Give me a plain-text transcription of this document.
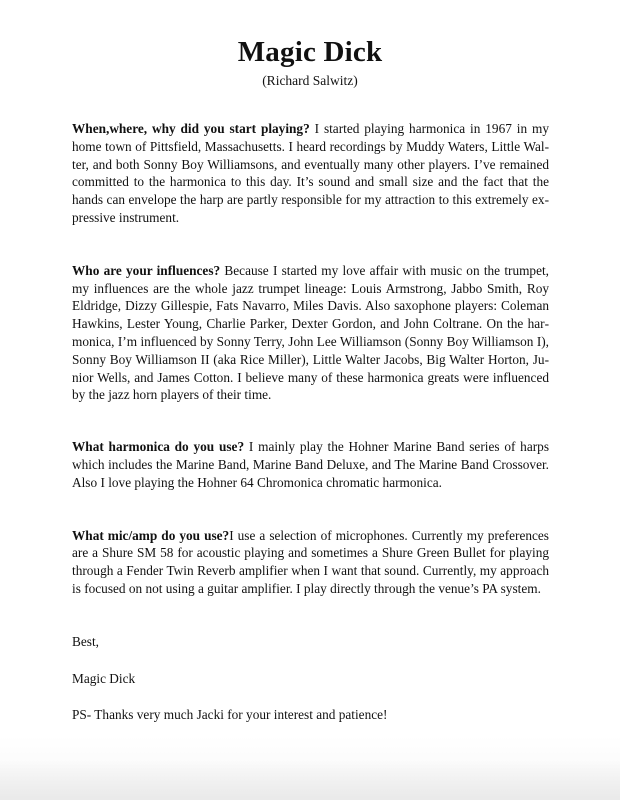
Magic Dick
(Richard Salwitz)

When,where, why did you start playing? I started playing harmonica in 1967 in my home town of Pittsfield, Massachusetts. I heard recordings by Muddy Waters, Little Walter, and both Sonny Boy Williamsons, and eventually many other players. I’ve remained committed to the harmonica to this day. It’s sound and small size and the fact that the hands can envelope the harp are partly responsible for my attraction to this extremely expressive instrument.

Who are your influences? Because I started my love affair with music on the trumpet, my influences are the whole jazz trumpet lineage: Louis Armstrong, Jabbo Smith, Roy Eldridge, Dizzy Gillespie, Fats Navarro, Miles Davis. Also saxophone players: Coleman Hawkins, Lester Young, Charlie Parker, Dexter Gordon, and John Coltrane. On the harmonica, I’m influenced by Sonny Terry, John Lee Williamson (Sonny Boy Williamson I), Sonny Boy Williamson II (aka Rice Miller), Little Walter Jacobs, Big Walter Horton, Junior Wells, and James Cotton. I believe many of these harmonica greats were influenced by the jazz horn players of their time.

What harmonica do you use? I mainly play the Hohner Marine Band series of harps which includes the Marine Band, Marine Band Deluxe, and The Marine Band Crossover. Also I love playing the Hohner 64 Chromonica chromatic harmonica.

What mic/amp do you use?I use a selection of microphones. Currently my preferences are a Shure SM 58 for acoustic playing and sometimes a Shure Green Bullet for playing through a Fender Twin Reverb amplifier when I want that sound. Currently, my approach is focused on not using a guitar amplifier. I play directly through the venue’s PA system.

Best,

Magic Dick

PS- Thanks very much Jacki for your interest and patience!
